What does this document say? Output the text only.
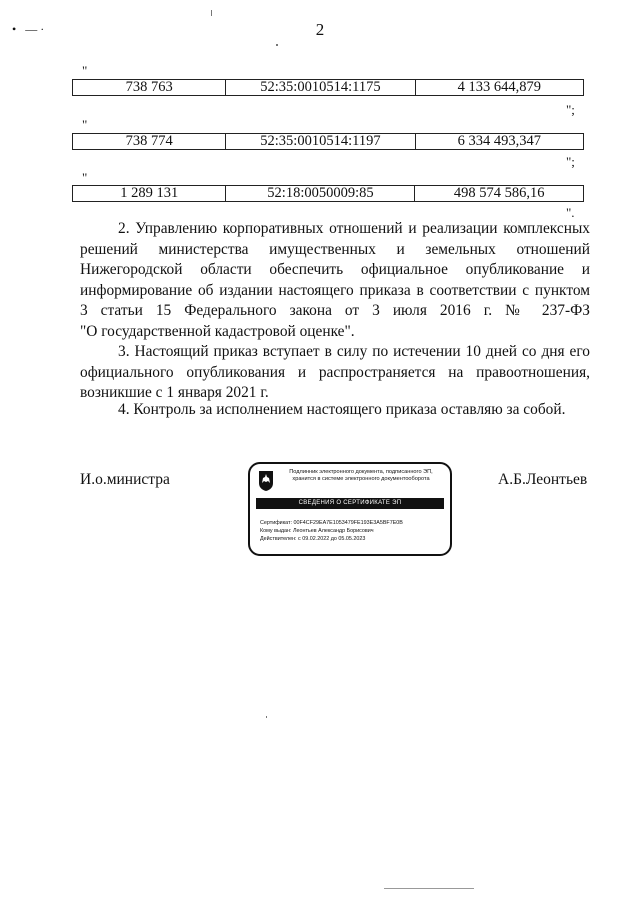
• —·	2
"
738 763	52:35:0010514:1175	4 133 644,879
";
"
738 774	52:35:0010514:1197	6 334 493,347
";
"
1 289 131	52:18:0050009:85	498 574 586,16
".

2. Управлению корпоративных отношений и реализации комплексных

решений министерства имущественных и земельных отношений

Нижегородской области обеспечить официальное опубликование и

информирование об издании настоящего приказа в соответствии с пунктом

3 статьи 15 Федерального закона от 3 июля 2016 г. № 237-ФЗ

"О государственной кадастровой оценке".

3. Настоящий приказ вступает в силу по истечении 10 дней со дня его

официального опубликования и распространяется на правоотношения,

возникшие с 1 января 2021 г.

4. Контроль за исполнением настоящего приказа оставляю за собой.

И.о.министра	А.Б.Леонтьев
Подлинник электронного документа, подписанного ЭП,
хранится в системе электронного документооборота
СВЕДЕНИЯ О СЕРТИФИКАТЕ ЭП
Сертификат: 00F4CF29EA7E1053479FE193E3A5BF7E0B
Кому выдан: Леонтьев Александр Борисович
Действителен: с 09.02.2022 до 05.05.2023
